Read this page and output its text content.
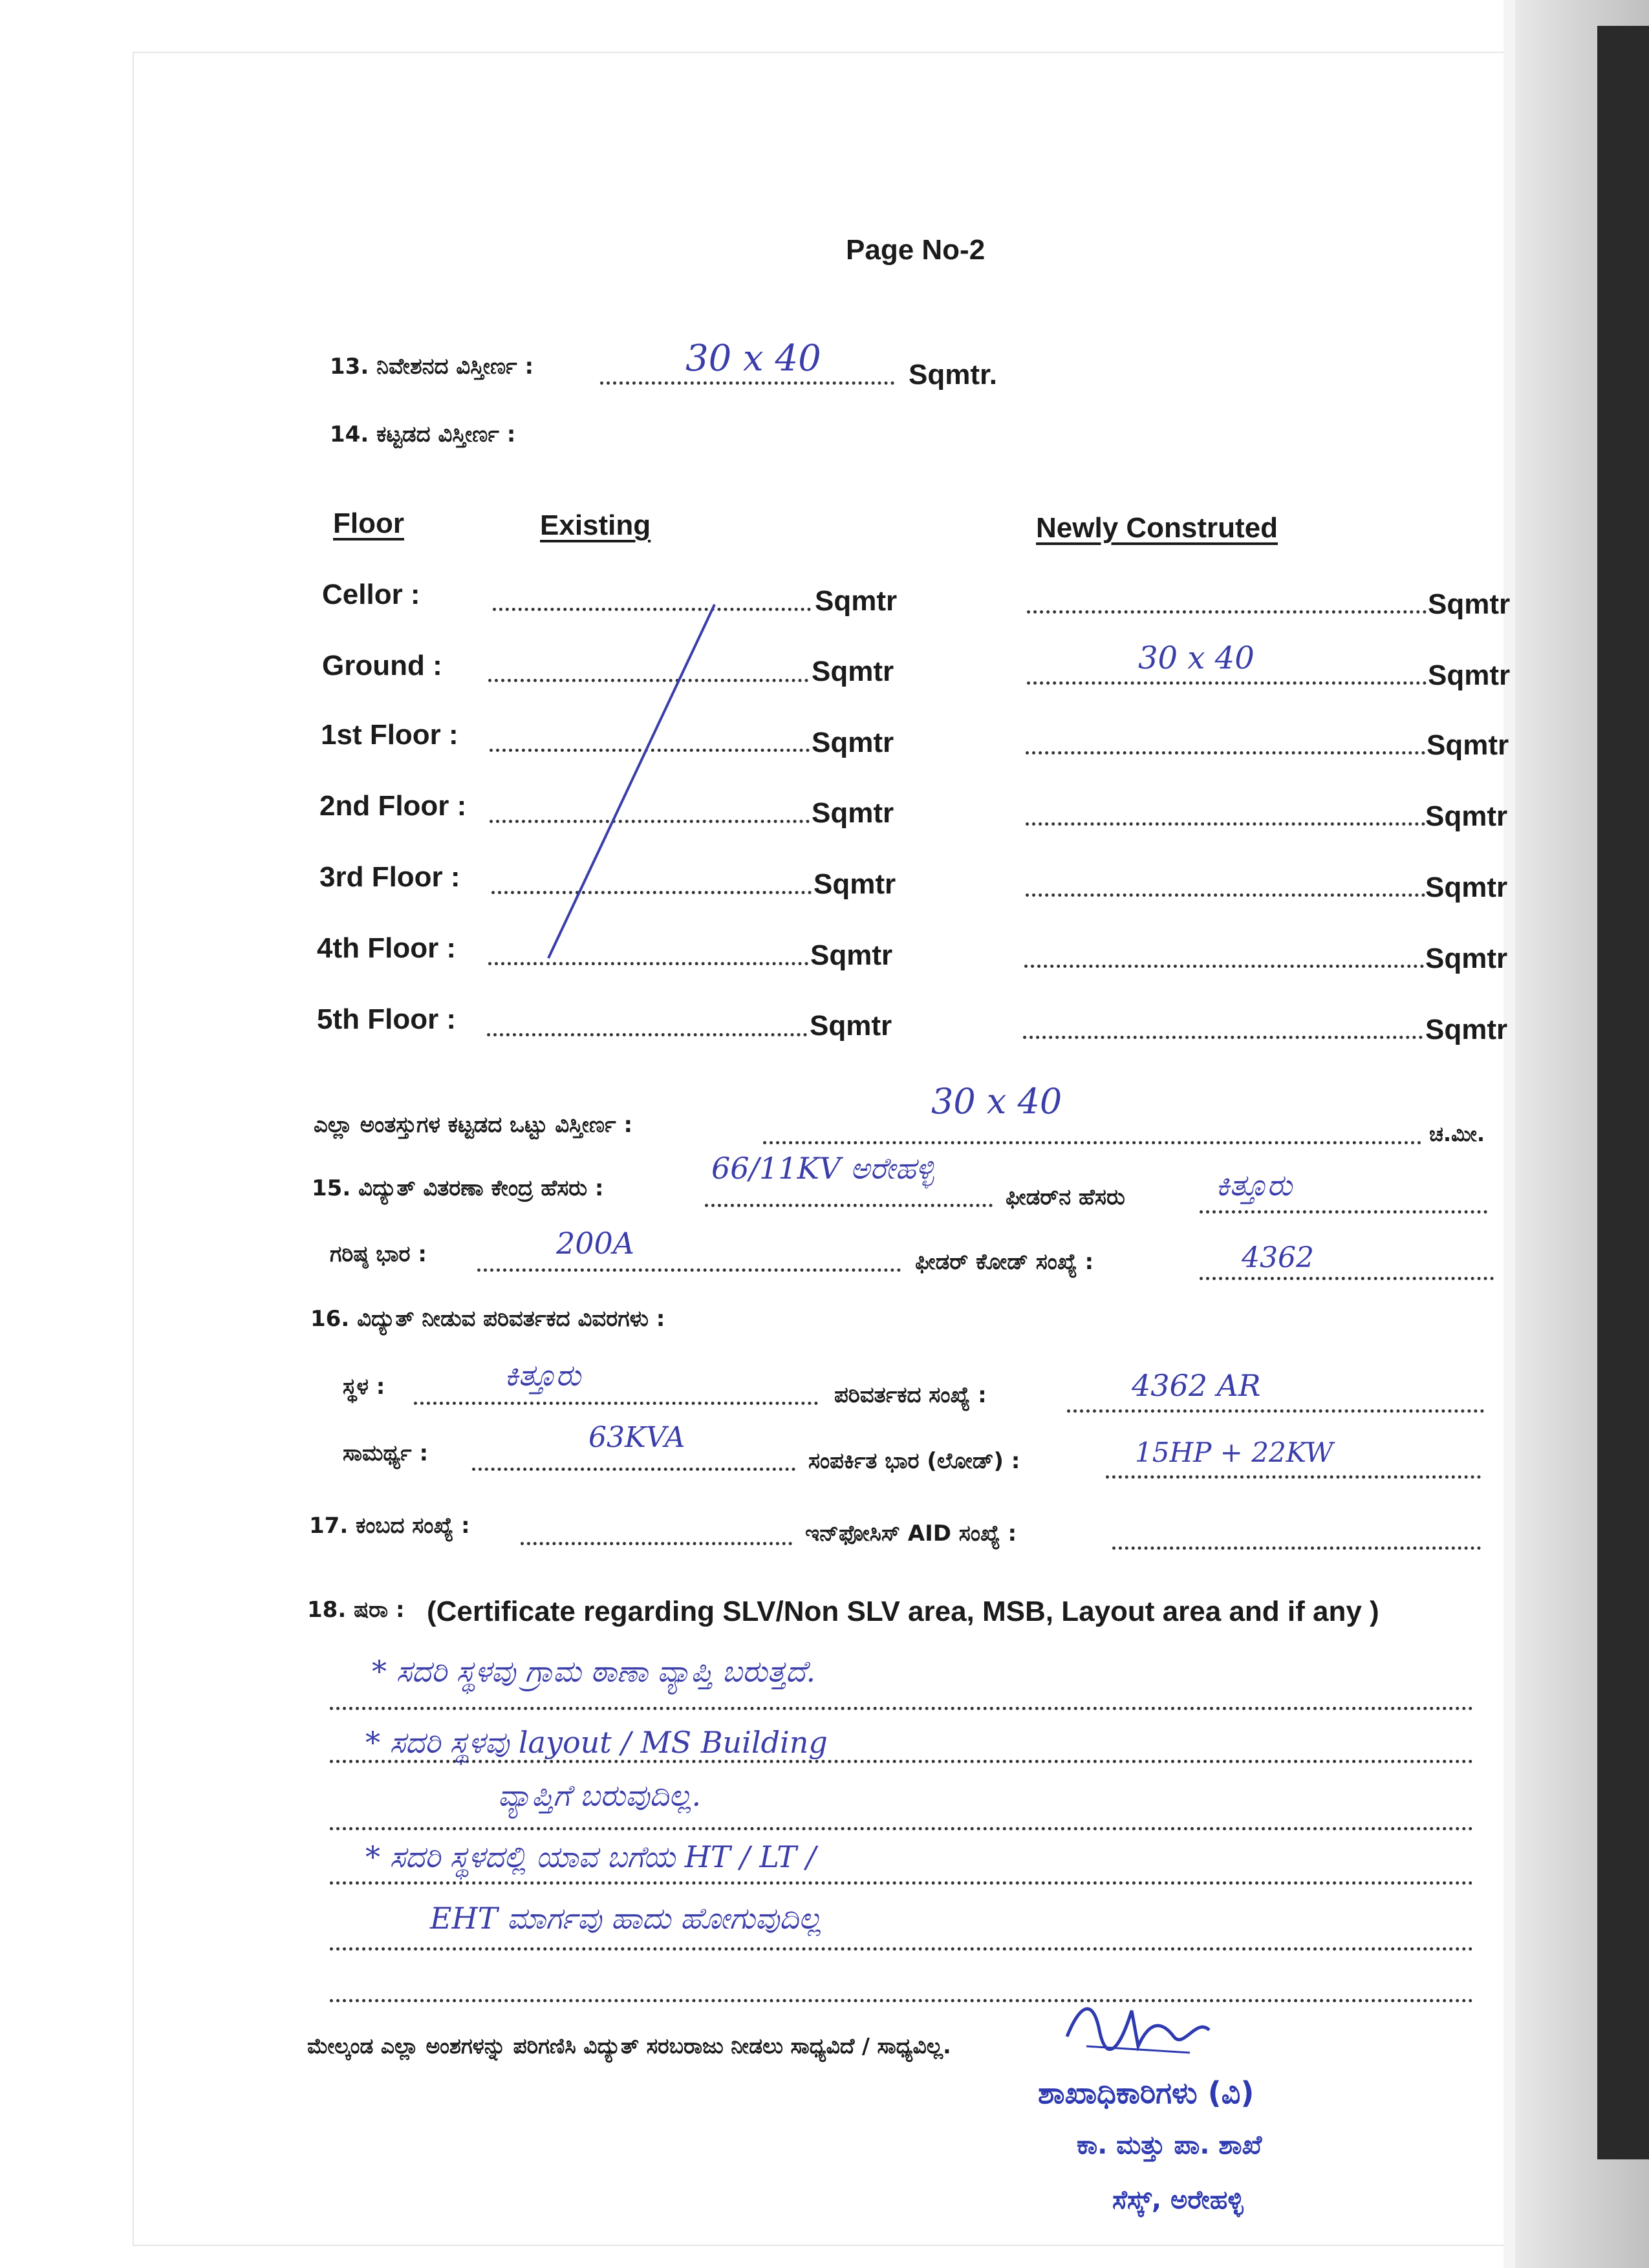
Page No-2
13. ನಿವೇಶನದ ವಿಸ್ತೀರ್ಣ :	30 x 40	Sqmtr.
14. ಕಟ್ಟಡದ ವಿಸ್ತೀರ್ಣ :
Floor	Existing	Newly Construted
Cellor :	Sqmtr	Sqmtr
Ground :	Sqmtr	30 x 40	Sqmtr
1st Floor :	Sqmtr	Sqmtr
2nd Floor :	Sqmtr	Sqmtr
3rd Floor :	Sqmtr	Sqmtr
4th Floor :	Sqmtr	Sqmtr
5th Floor :	Sqmtr	Sqmtr
ಎಲ್ಲಾ ಅಂತಸ್ತುಗಳ ಕಟ್ಟಡದ ಒಟ್ಟು ವಿಸ್ತೀರ್ಣ :
30 x 40
ಚ.ಮೀ.
15. ವಿದ್ಯುತ್ ವಿತರಣಾ ಕೇಂದ್ರ ಹೆಸರು :
66/11KV ಅರೇಹಳ್ಳಿ
ಫೀಡರ್‌ನ ಹೆಸರು	ಕಿತ್ತೂರು
ಗರಿಷ್ಠ ಭಾರ :	200A
ಫೀಡರ್ ಕೋಡ್ ಸಂಖ್ಯೆ :	4362
16. ವಿದ್ಯುತ್ ನೀಡುವ ಪರಿವರ್ತಕದ ವಿವರಗಳು :
ಸ್ಥಳ :	ಕಿತ್ತೂರು
ಪರಿವರ್ತಕದ ಸಂಖ್ಯೆ :	4362 AR
ಸಾಮರ್ಥ್ಯ :	63KVA
ಸಂಪರ್ಕಿತ ಭಾರ (ಲೋಡ್) :	15HP + 22KW
17. ಕಂಬದ ಸಂಖ್ಯೆ :	ಇನ್‌ಫೋಸಿಸ್ AID ಸಂಖ್ಯೆ :
18. ಷರಾ : (Certificate regarding SLV/Non SLV area, MSB, Layout area and if any )
* ಸದರಿ ಸ್ಥಳವು ಗ್ರಾಮ ಠಾಣಾ ವ್ಯಾಪ್ತಿ ಬರುತ್ತದೆ.
* ಸದರಿ ಸ್ಥಳವು layout / MS Building
ವ್ಯಾಪ್ತಿಗೆ ಬರುವುದಿಲ್ಲ.
* ಸದರಿ ಸ್ಥಳದಲ್ಲಿ ಯಾವ ಬಗೆಯ HT / LT /
EHT ಮಾರ್ಗವು ಹಾದು ಹೋಗುವುದಿಲ್ಲ
ಮೇಲ್ಕಂಡ ಎಲ್ಲಾ ಅಂಶಗಳನ್ನು ಪರಿಗಣಿಸಿ ವಿದ್ಯುತ್ ಸರಬರಾಜು ನೀಡಲು ಸಾಧ್ಯವಿದೆ / ಸಾಧ್ಯವಿಲ್ಲ.
ಶಾಖಾಧಿಕಾರಿಗಳು (ವಿ)
ಕಾ. ಮತ್ತು ಪಾ. ಶಾಖೆ
ಸೆಸ್ಕ್, ಅರೇಹಳ್ಳಿ
